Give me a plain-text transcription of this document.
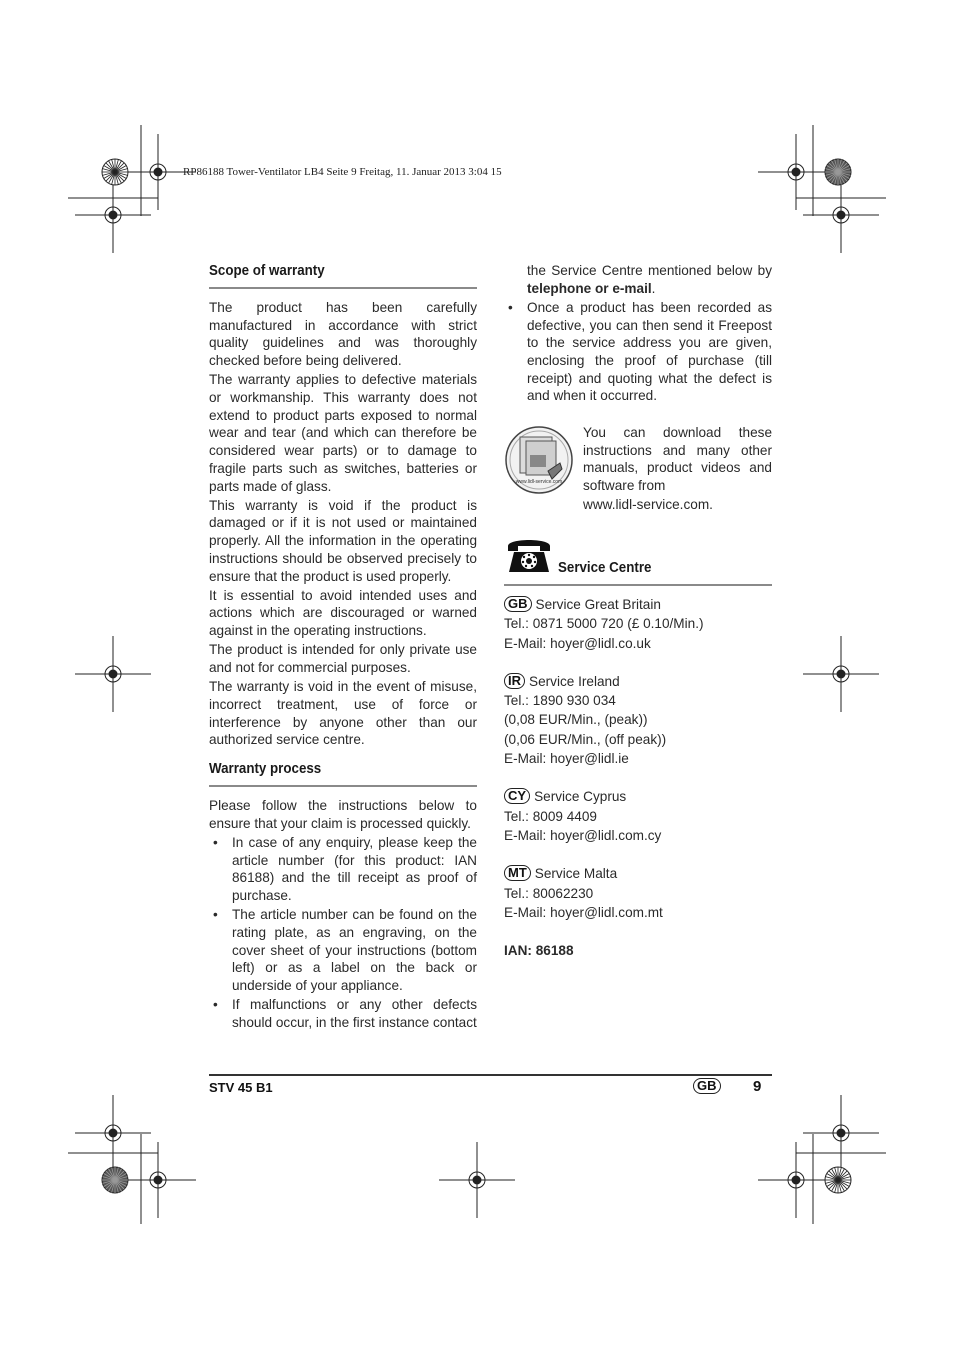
RP86188 Tower-Ventilator LB4 Seite 9 Freitag, 11. Januar 2013 3:04 15
Scope of warranty

The product has been carefully manufactured in accordance with strict quality guidelines and was thoroughly checked before being delivered.

The warranty applies to defective materials or workmanship. This warranty does not extend to product parts exposed to normal wear and tear (and which can therefore be considered wear parts) or to damage to fragile parts such as switches, batteries or parts made of glass.

This warranty is void if the product is damaged or if it is not used or maintained properly. All the information in the operating instructions should be observed precisely to ensure that the product is used properly.

It is essential to avoid intended uses and actions which are discouraged or warned against in the operating instructions.

The product is intended for only private use and not for commercial purposes.

The warranty is void in the event of misuse, incorrect treatment, use of force or interference by anyone other than our authorized service centre.

Warranty process

Please follow the instructions below to ensure that your claim is processed quickly.

• In case of any enquiry, please keep the article number (for this product: IAN 86188) and the till receipt as proof of purchase.
• The article number can be found on the rating plate, as an engraving, on the cover sheet of your instructions (bottom left) or as a label on the back or underside of your appliance.
• If malfunctions or any other defects should occur, in the first instance contact

the Service Centre mentioned below by telephone or e-mail.

• Once a product has been recorded as defective, you can then send it Freepost to the service address you are given, enclosing the proof of purchase (till receipt) and quoting what the defect is and when it occurred.
www.lidl-service.com

You can download these instructions and many other manuals, product videos and software from

www.lidl-service.com.

Service Centre
GB Service Great Britain
Tel.: 0871 5000 720 (£ 0.10/Min.)
E-Mail: hoyer@lidl.co.uk
IR Service Ireland
Tel.: 1890 930 034
(0,08 EUR/Min., (peak))
(0,06 EUR/Min., (off peak))
E-Mail: hoyer@lidl.ie
CY Service Cyprus
Tel.: 8009 4409
E-Mail: hoyer@lidl.com.cy
MT Service Malta
Tel.: 80062230
E-Mail: hoyer@lidl.com.mt
IAN: 86188
STV 45 B1	GB	9
